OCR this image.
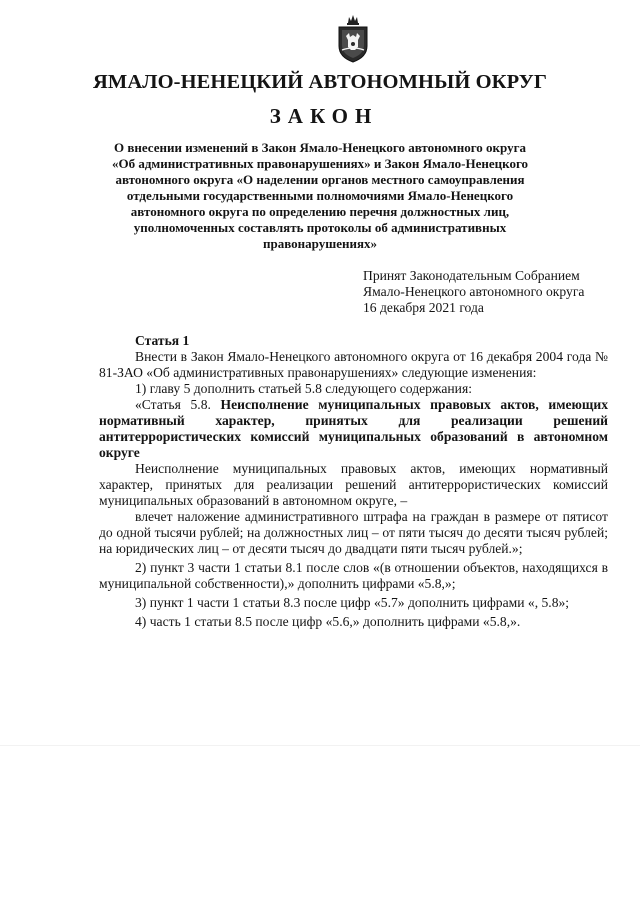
ЯМАЛО-НЕНЕЦКИЙ АВТОНОМНЫЙ ОКРУГ
ЗАКОН
О внесении изменений в Закон Ямало-Ненецкого автономного округа
«Об административных правонарушениях» и Закон Ямало-Ненецкого
автономного округа «О наделении органов местного самоуправления
отдельными государственными полномочиями Ямало-Ненецкого
автономного округа по определению перечня должностных лиц,
уполномоченных составлять протоколы об административных
правонарушениях»
Принят Законодательным Собранием
Ямало-Ненецкого автономного округа
16 декабря 2021 года
Статья 1

Внести в Закон Ямало-Ненецкого автономного округа от 16 декабря 2004 года № 81-ЗАО «Об административных правонарушениях» следующие изменения:

1) главу 5 дополнить статьей 5.8 следующего содержания:

«Статья 5.8. Неисполнение муниципальных правовых актов, имеющих нормативный характер, принятых для реализации решений антитеррористических комиссий муниципальных образований в автономном округе

Неисполнение муниципальных правовых актов, имеющих нормативный характер, принятых для реализации решений антитеррористических комиссий муниципальных образований в автономном округе, –

влечет наложение административного штрафа на граждан в размере от пятисот до одной тысячи рублей; на должностных лиц – от пяти тысяч до десяти тысяч рублей; на юридических лиц – от десяти тысяч до двадцати пяти тысяч рублей.»;

2) пункт 3 части 1 статьи 8.1 после слов «(в отношении объектов, находящихся в муниципальной собственности),» дополнить цифрами «5.8,»;

3) пункт 1 части 1 статьи 8.3 после цифр «5.7» дополнить цифрами «, 5.8»;

4) часть 1 статьи 8.5 после цифр «5.6,» дополнить цифрами «5.8,».
